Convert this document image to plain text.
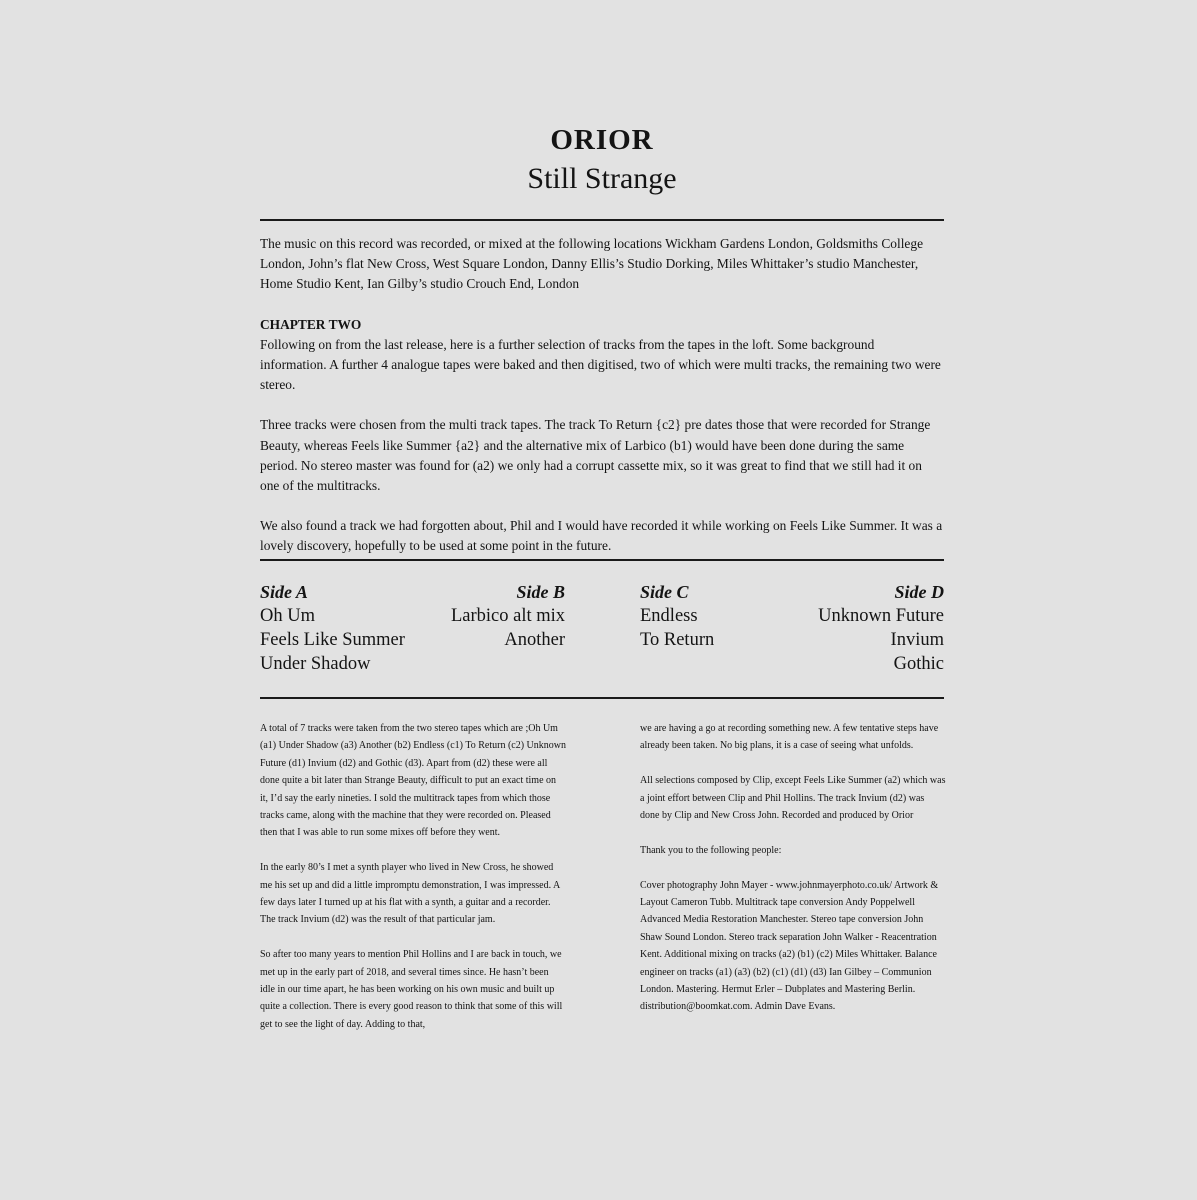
ORIOR
Still Strange

The music on this record was recorded, or mixed at the following locations Wickham Gardens London, Goldsmiths College London, John’s flat New Cross, West Square London, Danny Ellis’s Studio Dorking, Miles Whittaker’s studio Manchester, Home Studio Kent, Ian Gilby’s studio Crouch End, London

CHAPTER TWO
Following on from the last release, here is a further selection of tracks from the tapes in the loft. Some background information. A further 4 analogue tapes were baked and then digitised, two of which were multi tracks, the remaining two were stereo.

Three tracks were chosen from the multi track tapes. The track To Return {c2} pre dates those that were recorded for Strange Beauty, whereas Feels like Summer {a2} and the alternative mix of Larbico (b1) would have been done during the same period. No stereo master was found for (a2) we only had a corrupt cassette mix, so it was great to find that we still had it on one of the multitracks.

We also found a track we had forgotten about, Phil and I would have recorded it while working on Feels Like Summer. It was a lovely discovery, hopefully to be used at some point in the future.

Side A
Oh Um
Feels Like Summer
Under Shadow
Side B
Larbico alt mix
Another
Side C
Endless
To Return
Side D
Unknown Future
Invium
Gothic

A total of 7 tracks were taken from the two stereo tapes which are ;Oh Um (a1) Under Shadow (a3) Another (b2) Endless (c1) To Return (c2) Unknown Future (d1) Invium (d2) and Gothic (d3). Apart from (d2) these were all done quite a bit later than Strange Beauty, difficult to put an exact time on it, I’d say the early nineties. I sold the multitrack tapes from which those tracks came, along with the machine that they were recorded on. Pleased then that I was able to run some mixes off before they went.

In the early 80’s I met a synth player who lived in New Cross, he showed me his set up and did a little impromptu demonstration, I was impressed. A few days later I turned up at his flat with a synth, a guitar and a recorder. The track Invium (d2) was the result of that particular jam.

So after too many years to mention Phil Hollins and I are back in touch, we met up in the early part of 2018, and several times since. He hasn’t been idle in our time apart, he has been working on his own music and built up quite a collection. There is every good reason to think that some of this will get to see the light of day. Adding to that,

we are having a go at recording something new. A few tentative steps have already been taken. No big plans, it is a case of seeing what unfolds.

All selections composed by Clip, except Feels Like Summer (a2) which was a joint effort between Clip and Phil Hollins. The track Invium (d2) was done by Clip and New Cross John. Recorded and produced by Orior

Thank you to the following people:

Cover photography John Mayer - www.johnmayerphoto.co.uk/ Artwork & Layout Cameron Tubb. Multitrack tape conversion Andy Poppelwell Advanced Media Restoration Manchester. Stereo tape conversion John Shaw Sound London. Stereo track separation John Walker - Reacentration Kent. Additional mixing on tracks (a2) (b1) (c2) Miles Whittaker. Balance engineer on tracks (a1) (a3) (b2) (c1) (d1) (d3) Ian Gilbey – Communion London. Mastering. Hermut Erler – Dubplates and Mastering Berlin. distribution@boomkat.com. Admin Dave Evans.
